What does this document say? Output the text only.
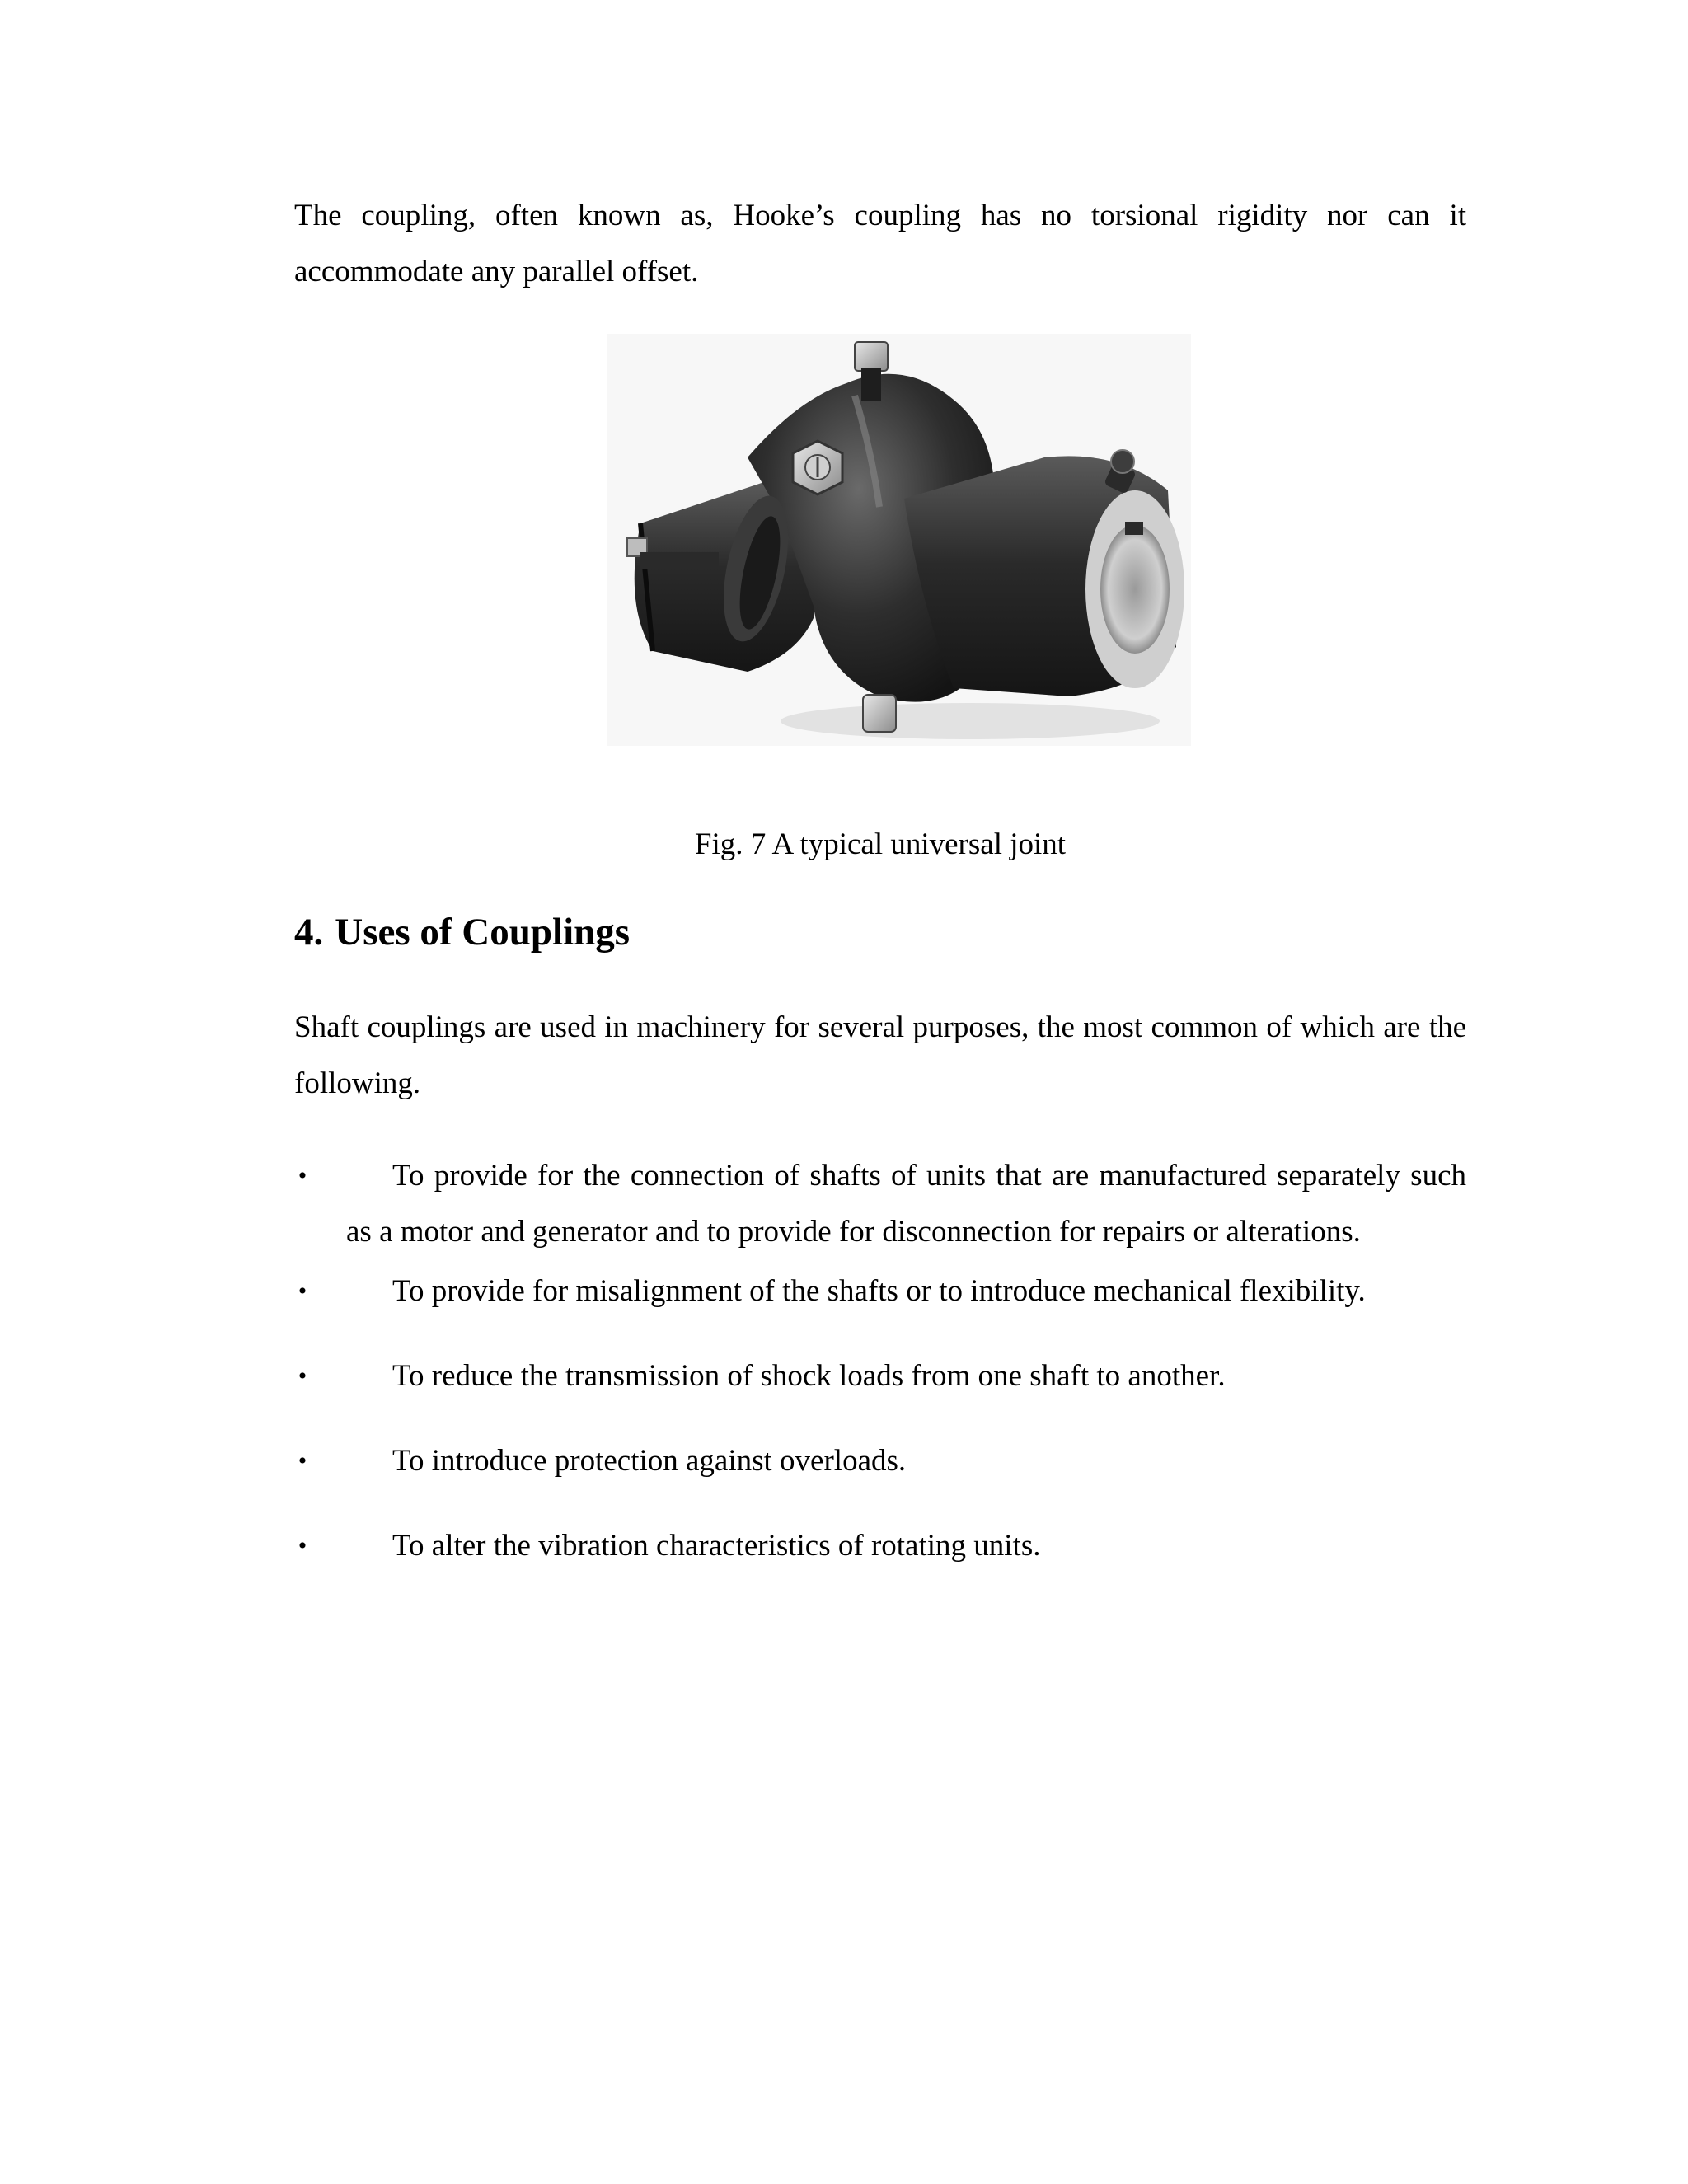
The coupling, often known as, Hooke’s coupling has no torsional rigidity nor can it accommodate any parallel offset.

Fig. 7 A typical universal joint

4. Uses of Couplings

Shaft couplings are used in machinery for several purposes, the most common of which are the following.

•	To provide for the connection of shafts of units that are manufactured separately such as a motor and generator and to provide for disconnection for repairs or alterations.
•	To provide for misalignment of the shafts or to introduce mechanical flexibility.
•	To reduce the transmission of shock loads from one shaft to another.
•	To introduce protection against overloads.
•	To alter the vibration characteristics of rotating units.
